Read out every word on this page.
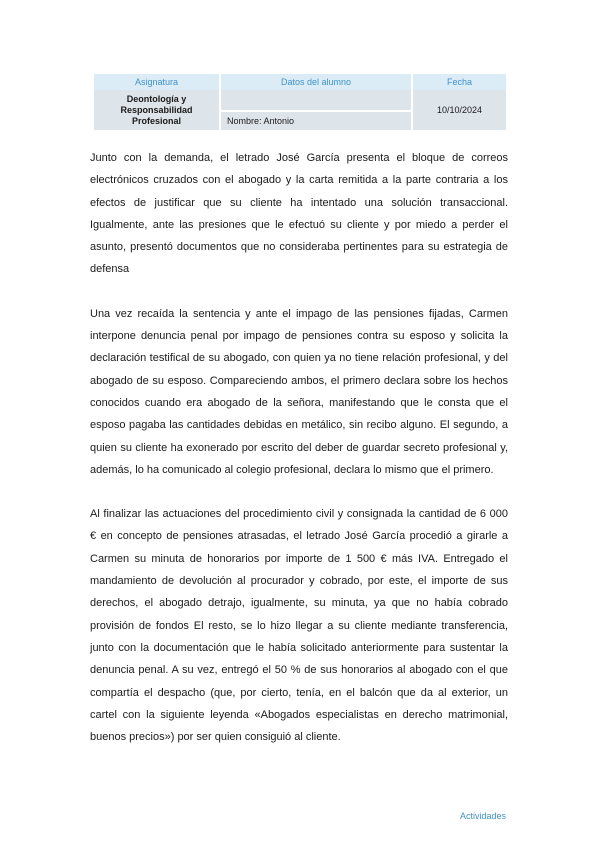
Asignatura	Datos del alumno	Fecha
Deontología y Responsabilidad Profesional	Nombre: Antonio	10/10/2024

Junto con la demanda, el letrado José García presenta el bloque de correos electrónicos cruzados con el abogado y la carta remitida a la parte contraria a los efectos de justificar que su cliente ha intentado una solución transaccional. Igualmente, ante las presiones que le efectuó su cliente y por miedo a perder el asunto, presentó documentos que no consideraba pertinentes para su estrategia de defensa

Una vez recaída la sentencia y ante el impago de las pensiones fijadas, Carmen interpone denuncia penal por impago de pensiones contra su esposo y solicita la declaración testifical de su abogado, con quien ya no tiene relación profesional, y del abogado de su esposo. Compareciendo ambos, el primero declara sobre los hechos conocidos cuando era abogado de la señora, manifestando que le consta que el esposo pagaba las cantidades debidas en metálico, sin recibo alguno. El segundo, a quien su cliente ha exonerado por escrito del deber de guardar secreto profesional y, además, lo ha comunicado al colegio profesional, declara lo mismo que el primero.

Al finalizar las actuaciones del procedimiento civil y consignada la cantidad de 6 000 € en concepto de pensiones atrasadas, el letrado José García procedió a girarle a Carmen su minuta de honorarios por importe de 1 500 € más IVA. Entregado el mandamiento de devolución al procurador y cobrado, por este, el importe de sus derechos, el abogado detrajo, igualmente, su minuta, ya que no había cobrado provisión de fondos El resto, se lo hizo llegar a su cliente mediante transferencia, junto con la documentación que le había solicitado anteriormente para sustentar la denuncia penal. A su vez, entregó el 50 % de sus honorarios al abogado con el que compartía el despacho (que, por cierto, tenía, en el balcón que da al exterior, un cartel con la siguiente leyenda «Abogados especialistas en derecho matrimonial, buenos precios») por ser quien consiguió al cliente.

Actividades
